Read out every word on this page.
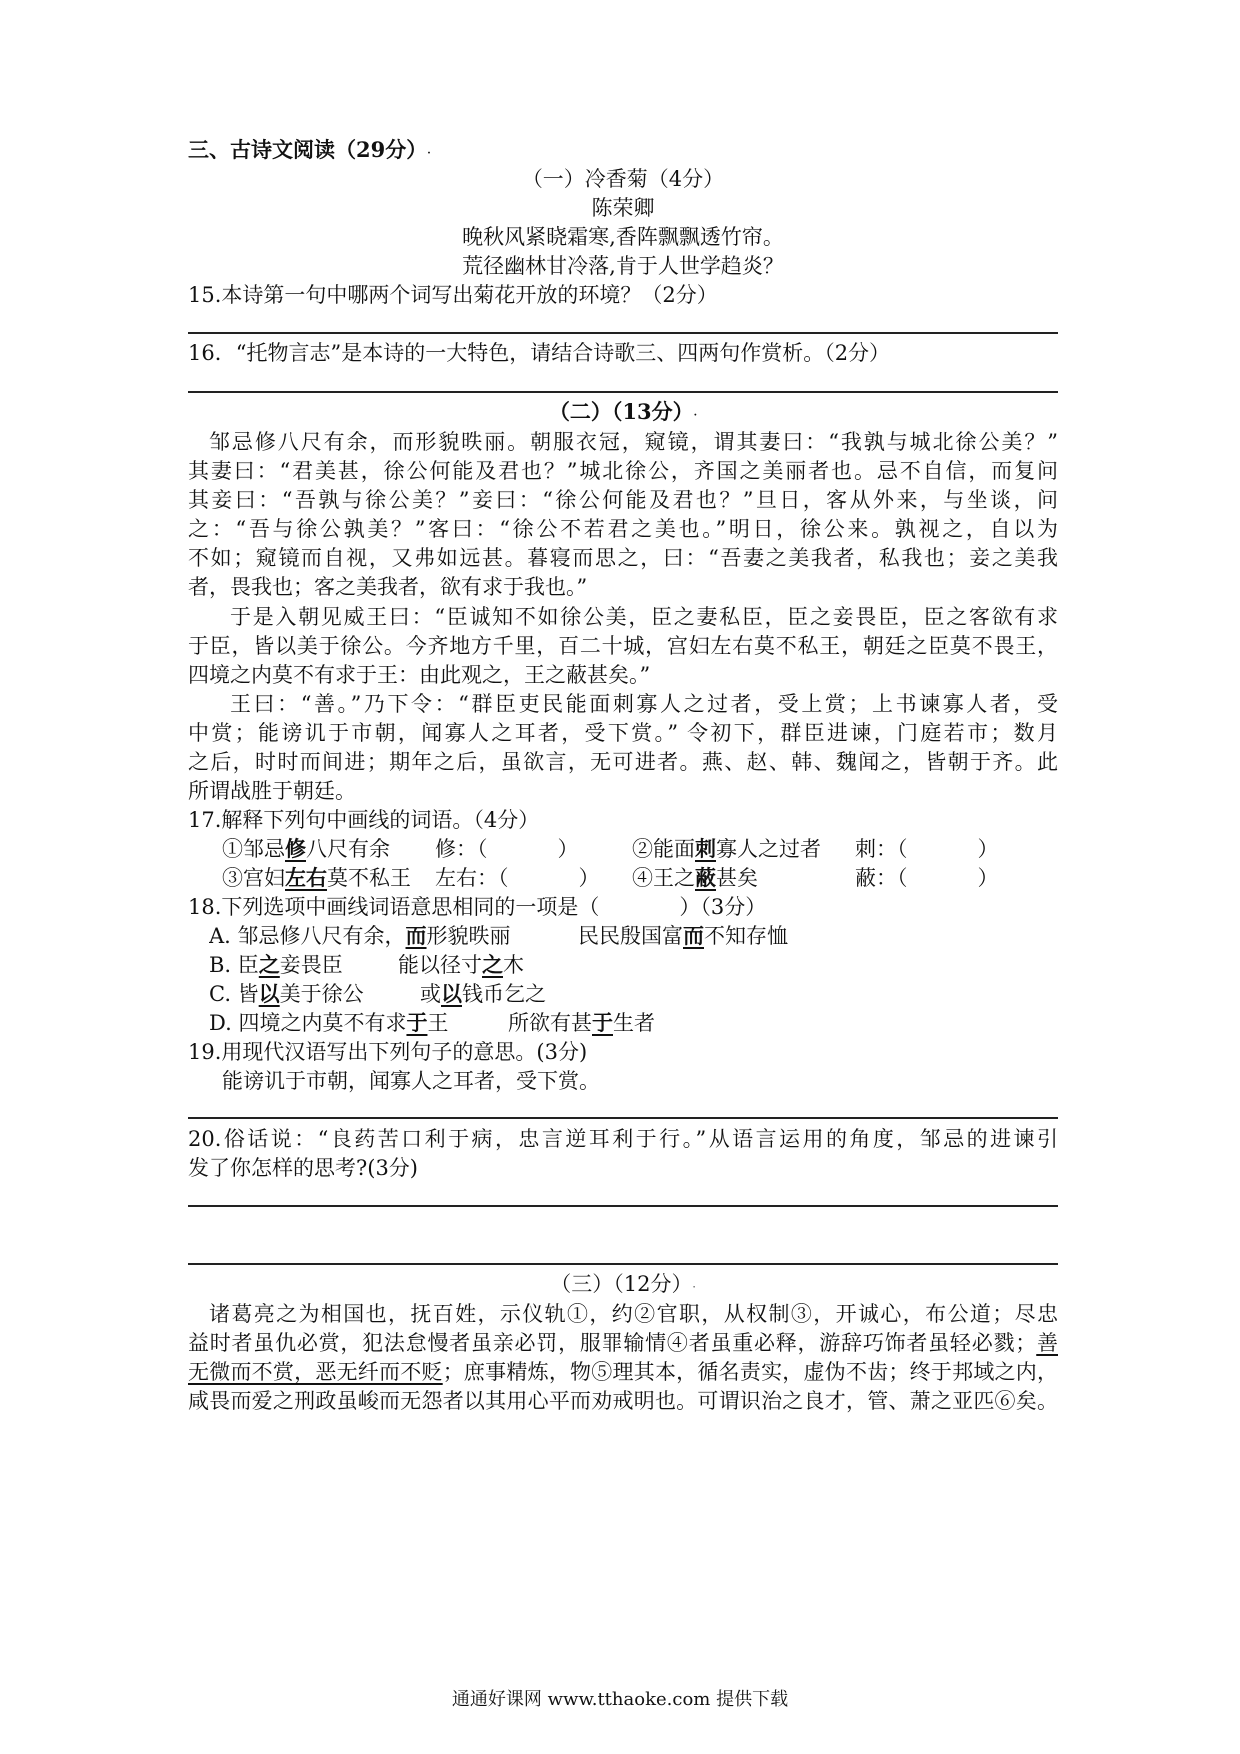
三、古诗文阅读（29分）.
（一）冷香菊（4分）
陈荣卿
晚秋风紧晓霜寒,香阵飘飘透竹帘。
荒径幽林甘冷落,肯于人世学趋炎？
15.本诗第一句中哪两个词写出菊花开放的环境？（2分）
16．“托物言志”是本诗的一大特色，请结合诗歌三、四两句作赏析。（2分）
（二）（13分）.
邹忌修八尺有余，而形貌昳丽。朝服衣冠，窥镜，谓其妻曰：“我孰与城北徐公美？”
其妻曰：“君美甚，徐公何能及君也？”城北徐公，齐国之美丽者也。忌不自信，而复问
其妾曰：“吾孰与徐公美？”妾曰：“徐公何能及君也？”旦日，客从外来，与坐谈，问
之：“吾与徐公孰美？”客曰：“徐公不若君之美也。”明日，徐公来。孰视之，自以为
不如；窥镜而自视，又弗如远甚。暮寝而思之，曰：“吾妻之美我者，私我也；妾之美我
者，畏我也；客之美我者，欲有求于我也。”
于是入朝见威王曰：“臣诚知不如徐公美，臣之妻私臣，臣之妾畏臣，臣之客欲有求
于臣，皆以美于徐公。今齐地方千里，百二十城，宫妇左右莫不私王，朝廷之臣莫不畏王，
四境之内莫不有求于王：由此观之，王之蔽甚矣。”
王曰：“善。”乃下令：“群臣吏民能面刺寡人之过者，受上赏；上书谏寡人者，受
中赏；能谤讥于市朝，闻寡人之耳者，受下赏。” 令初下，群臣进谏，门庭若市；数月
之后，时时而间进；期年之后，虽欲言，无可进者。燕、赵、韩、魏闻之，皆朝于齐。此
所谓战胜于朝廷。
17.解释下列句中画线的词语。（4分）
①邹忌修八尺有余	修：（	）	②能面刺寡人之过者	刺：（	）
③宫妇左右莫不私王	左右：（	）	④王之蔽甚矣	蔽：（	）
18.下列选项中画线词语意思相同的一项是（	）（3分）
A. 邹忌修八尺有余，而形貌昳丽	民民殷国富而不知存恤
B. 臣之妾畏臣	能以径寸之木
C. 皆以美于徐公	或以钱币乞之
D. 四境之内莫不有求于王	所欲有甚于生者
19.用现代汉语写出下列句子的意思。(3分)
能谤讥于市朝，闻寡人之耳者，受下赏。
20.俗话说：“良药苦口利于病，忠言逆耳利于行。”从语言运用的角度，邹忌的进谏引
发了你怎样的思考?(3分)
（三）（12分）.
诸葛亮之为相国也，抚百姓，示仪轨①，约②官职，从权制③，开诚心，布公道；尽忠
益时者虽仇必赏，犯法怠慢者虽亲必罚，服罪输情④者虽重必释，游辞巧饰者虽轻必戮；善
无微而不赏，恶无纤而不贬；庶事精炼，物⑤理其本，循名责实，虚伪不齿；终于邦域之内，
咸畏而爱之刑政虽峻而无怨者以其用心平而劝戒明也。可谓识治之良才，管、萧之亚匹⑥矣。
通通好课网 www.tthaoke.com 提供下载
